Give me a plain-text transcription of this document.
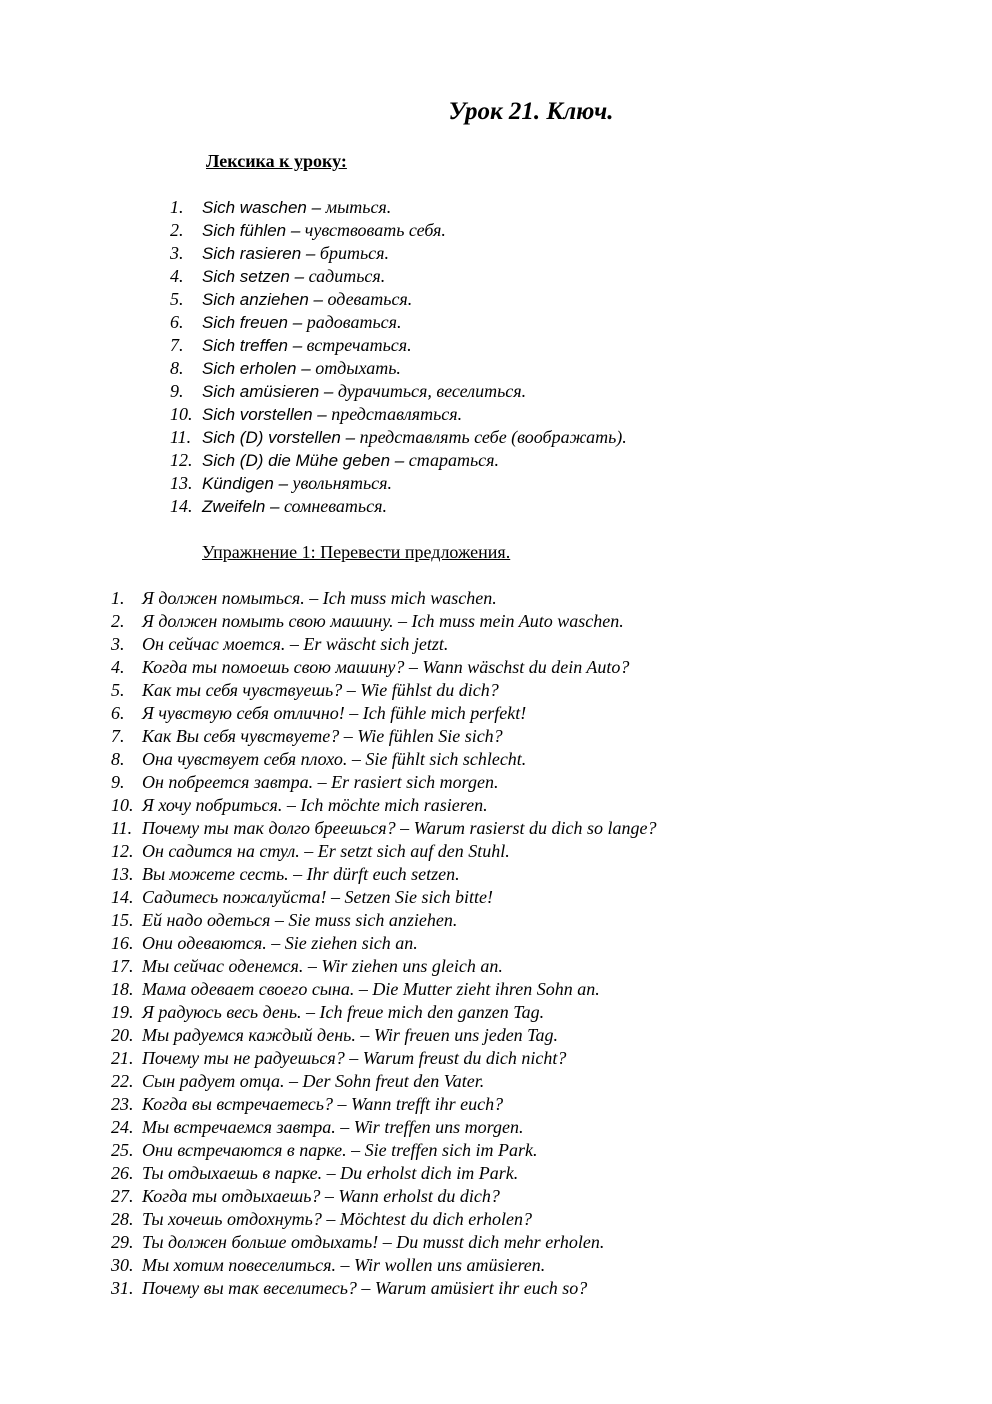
Урок 21. Ключ.
Лексика к уроку:
1.	Sich waschen – мыться.
2.	Sich fühlen – чувствовать себя.
3.	Sich rasieren – бриться.
4.	Sich setzen – садиться.
5.	Sich anziehen – одеваться.
6.	Sich freuen – радоваться.
7.	Sich treffen – встречаться.
8.	Sich erholen – отдыхать.
9.	Sich amüsieren – дурачиться, веселиться.
10. Sich vorstellen – представляться.
11. Sich (D) vorstellen – представлять себе (воображать).
12. Sich (D) die Mühe geben – стараться.
13. Kündigen – увольняться.
14. Zweifeln – сомневаться.
Упражнение 1: Перевести предложения.
1. Я должен помыться. – Ich muss mich waschen.
2. Я должен помыть свою машину. – Ich muss mein Auto waschen.
3. Он сейчас моется. – Er wäscht sich jetzt.
4. Когда ты помоешь свою машину? – Wann wäschst du dein Auto?
5. Как ты себя чувствуешь? – Wie fühlst du dich?
6. Я чувствую себя отлично! – Ich fühle mich perfekt!
7. Как Вы себя чувствуете? – Wie fühlen Sie sich?
8. Она чувствует себя плохо. – Sie fühlt sich schlecht.
9. Он побреется завтра. – Er rasiert sich morgen.
10. Я хочу побриться. – Ich möchte mich rasieren.
11. Почему ты так долго бреешься? – Warum rasierst du dich so lange?
12. Он садится на стул. – Er setzt sich auf den Stuhl.
13. Вы можете сесть. – Ihr dürft euch setzen.
14. Садитесь пожалуйста! – Setzen Sie sich bitte!
15. Ей надо одеться – Sie muss sich anziehen.
16. Они одеваются. – Sie ziehen sich an.
17. Мы сейчас оденемся. – Wir ziehen uns gleich an.
18. Мама одевает своего сына. – Die Mutter zieht ihren Sohn an.
19. Я радуюсь весь день. – Ich freue mich den ganzen Tag.
20. Мы радуемся каждый день. – Wir freuen uns jeden Tag.
21. Почему ты не радуешься? – Warum freust du dich nicht?
22. Сын радует отца. – Der Sohn freut den Vater.
23. Когда вы встречаетесь? – Wann trefft ihr euch?
24. Мы встречаемся завтра. – Wir treffen uns morgen.
25. Они встречаются в парке. – Sie treffen sich im Park.
26. Ты отдыхаешь в парке. – Du erholst dich im Park.
27. Когда ты отдыхаешь? – Wann erholst du dich?
28. Ты хочешь отдохнуть? – Möchtest du dich erholen?
29. Ты должен больше отдыхать! – Du musst dich mehr erholen.
30. Мы хотим повеселиться. – Wir wollen uns amüsieren.
31. Почему вы так веселитесь? – Warum amüsiert ihr euch so?
